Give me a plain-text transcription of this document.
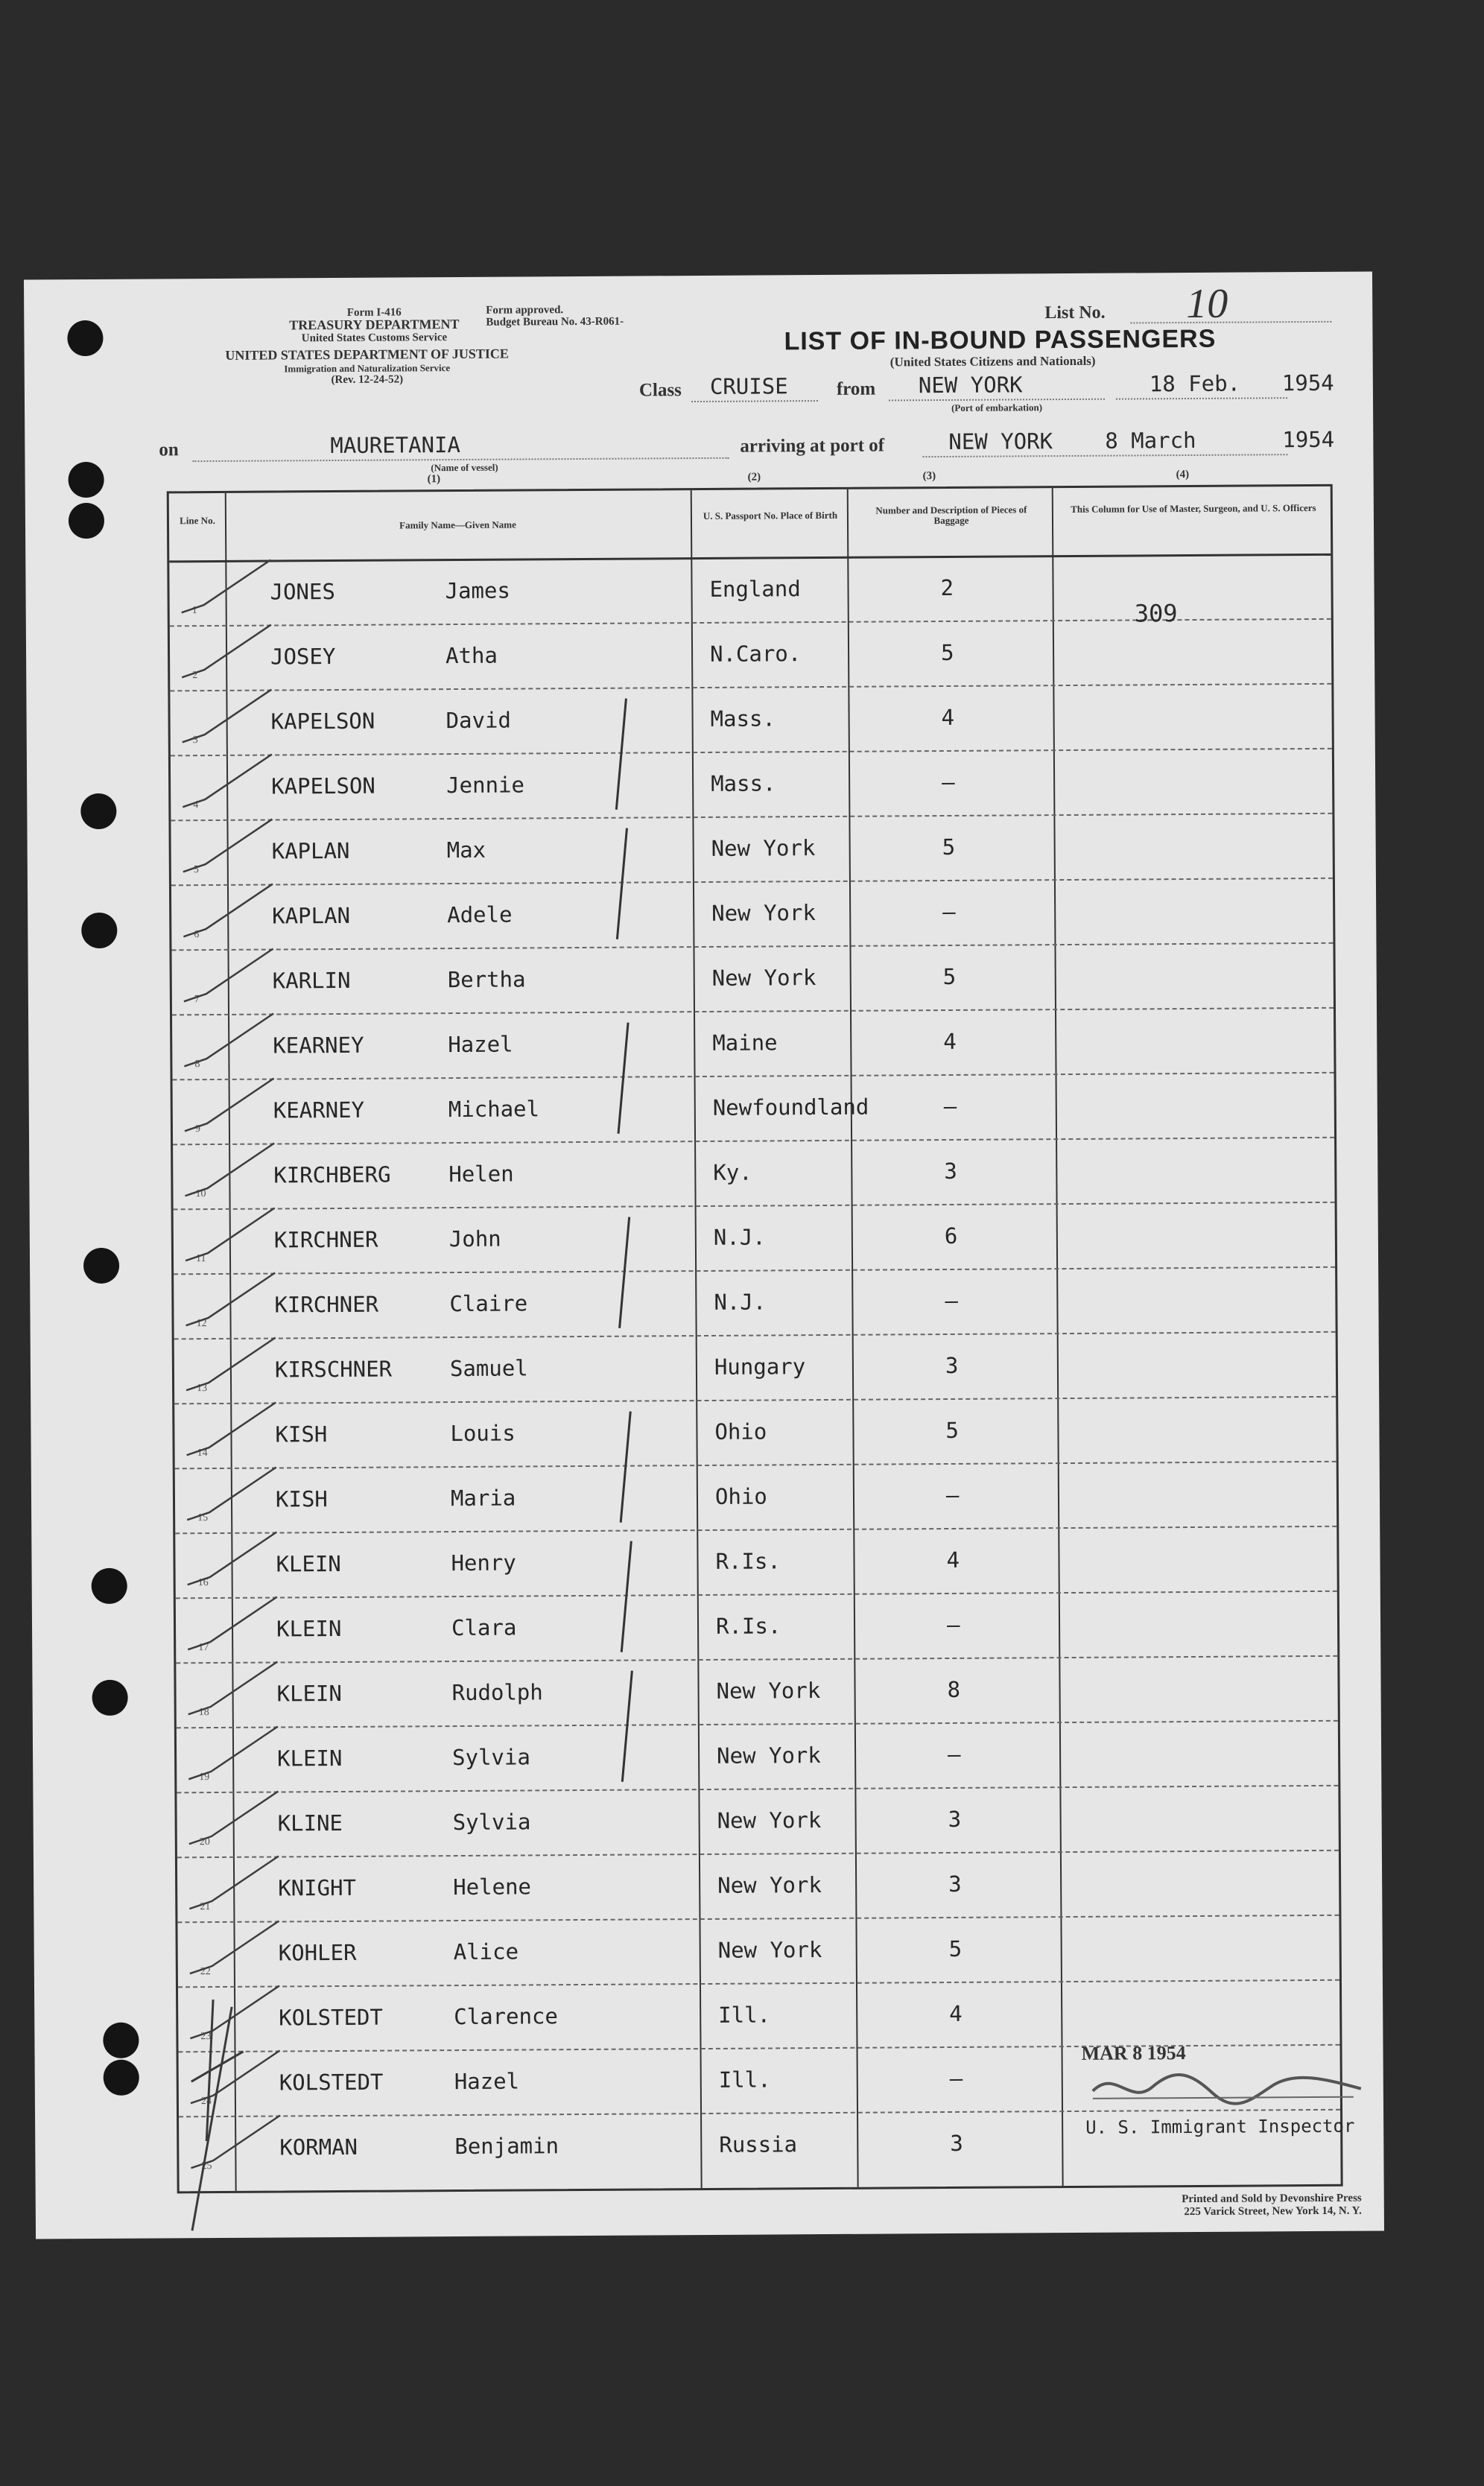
Form I-416
TREASURY DEPARTMENT
United States Customs Service
UNITED STATES DEPARTMENT OF JUSTICE
Immigration and Naturalization Service
(Rev. 12-24-52)
Form approved.
Budget Bureau No. 43-R061-	List No. 10
LIST OF IN-BOUND PASSENGERS
(United States Citizens and Nationals)
Class CRUISE	from NEW YORK
(Port of embarkation)
18 Feb. 1954
on	MAURETANIA
(Name of vessel)
arriving at port of	NEW YORK 8 March	1954
(1)	(2)	(3)	(4)
Line No.	Family Name—Given Name
U. S. Passport No. Place of Birth	Number and Description of Pieces of Baggage
This Column for Use of Master, Surgeon, and U. S. Officers
1
JONES	James	England	2
2
JOSEY	Atha	N.Caro.	5
3
KAPELSON	David	Mass.	4
4
KAPELSON	Jennie	Mass.	–
5
KAPLAN	Max	New York	5
6
KAPLAN	Adele	New York	–
7
KARLIN	Bertha	New York	5
8
KEARNEY	Hazel	Maine	4
9
KEARNEY	Michael	Newfoundland	–
10
KIRCHBERG	Helen	Ky.	3
11
KIRCHNER	John	N.J.	6
12
KIRCHNER	Claire	N.J.	–
13
KIRSCHNER	Samuel	Hungary	3
14
KISH	Louis	Ohio	5
15
KISH	Maria	Ohio	–
16
KLEIN	Henry	R.Is.	4
17
KLEIN	Clara	R.Is.	–
18
KLEIN	Rudolph	New York	8
19
KLEIN	Sylvia	New York	–
20
KLINE	Sylvia	New York	3
21
KNIGHT	Helene	New York	3
22
KOHLER	Alice	New York	5
23
KOLSTEDT	Clarence	Ill.	4
24
KOLSTEDT	Hazel	Ill.	–
25
KORMAN	Benjamin	Russia	3
309
MAR 8 1954
U. S. Immigrant Inspector
Printed and Sold by Devonshire Press
225 Varick Street, New York 14, N. Y.
